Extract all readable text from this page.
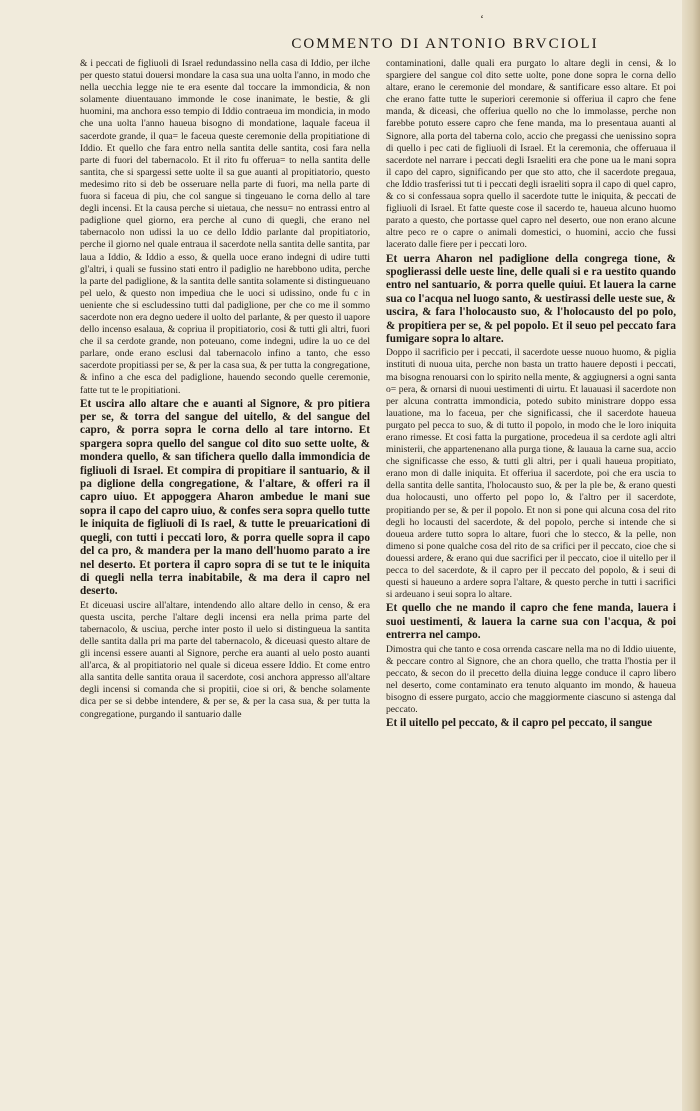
ʻ
COMMENTO DI ANTONIO BRVCIOLI

& i peccati de figliuoli di Israel redundassino nella casa di Iddio, per ilche per questo statui douersi mondare la casa sua una uolta l'anno, in modo che nella uecchia legge nie te era esente dal toccare la immondicia, & non solamente diuentauano immonde le cose inanimate, le bestie, & gli huomini, ma anchora esso tempio di Iddio contraeua im mondicia, in modo che una uolta l'anno haueua bisogno di mondatione, laquale faceua il sacerdote grande, il qua= le faceua queste ceremonie della propitiatione di Iddio. Et quello che fara entro nella santita delle santita, cosi fara nella parte di fuori del tabernacolo. Et il rito fu offerua= to nella santita delle santita, che si spargessi sette uolte il sa gue auanti al propitiatorio, questo medesimo rito si deb be osseruare nella parte di fuori, ma nella parte di fuora si faceua di piu, che col sangue si tingeuano le corna dello al tare degli incensi. Et la causa perche si uietaua, che nessu= no entrassi entro al padiglione quel giorno, era perche al cuno di quegli, che erano nel tabernacolo non udissi la uo ce dello Iddio parlante dal propitiatorio, perche il giorno nel quale entraua il sacerdote nella santita delle santita, par laua a Iddio, & Iddio a esso, & quella uoce erano indegni di udire tutti gl'altri, i quali se fussino stati entro il padiglio ne harebbono udita, perche la parte del padiglione, & la santita delle santita solamente si distingueuano pel uelo, & questo non impediua che le uoci si udissino, onde fu c in ueniente che si escludessino tutti dal padiglione, per che co me il sommo sacerdote non era degno uedere il uolto del parlante, & per questo il uapore dello incenso esalaua, & copriua il propitiatorio, cosi & tutti gli altri, fuori che il sa cerdote grande, non poteuano, come indegni, udire la uo ce del parlare, onde erano esclusi dal tabernacolo infino a tanto, che esso sacerdote propitiassi per se, & per la casa sua, & per tutta la congregatione, & infino a che esca del padiglione, hauendo secondo quelle ceremonie, fatte tut te le propitiationi.

Et uscira allo altare che e auanti al Signore, & pro pitiera per se, & torra del sangue del uitello, & del sangue del capro, & porra sopra le corna dello al tare intorno. Et spargera sopra quello del sangue col dito suo sette uolte, & mondera quello, & san tifichera quello dalla immondicia de figliuoli di Israel. Et compira di propitiare il santuario, & il pa diglione della congregatione, & l'altare, & offeri ra il capro uiuo. Et appoggera Aharon ambedue le mani sue sopra il capo del capro uiuo, & confes sera sopra quello tutte le iniquita de figliuoli di Is rael, & tutte le preuaricationi di quegli, con tutti i peccati loro, & porra quelle sopra il capo del ca pro, & mandera per la mano dell'huomo parato a ire nel deserto. Et portera il capro sopra di se tut te le iniquita di quegli nella terra inabitabile, & ma dera il capro nel deserto.

Et diceuasi uscire all'altare, intendendo allo altare dello in censo, & era questa uscita, perche l'altare degli incensi era nella prima parte del tabernacolo, & usciua, perche inter posto il uelo si distingueua la santita delle santita dalla pri ma parte del tabernacolo, & diceuasi questo altare de gli incensi essere auanti al Signore, perche era auanti al uelo posto auanti all'arca, & al propitiatorio nel quale si diceua essere Iddio. Et come entro alla santita delle santita oraua il sacerdote, cosi anchora appresso all'altare degli incensi si comanda che si propitii, cioe si ori, & benche solamente dica per se si debbe intendere, & per se, & per la casa sua, & per tutta la congregatione, purgando il santuario dalle

contaminationi, dalle quali era purgato lo altare degli in censi, & lo spargiere del sangue col dito sette uolte, pone done sopra le corna dello altare, erano le ceremonie del mondare, & santificare esso altare. Et poi che erano fatte tutte le superiori ceremonie si offeriua il capro che fene manda, & diceasi, che offeriua quello no che lo immolasse, perche non farebbe potuto essere capro che fene manda, ma lo presentaua auanti al Signore, alla porta del taberna colo, accio che pregassi che uenissino sopra di quello i pec cati de figliuoli di Israel. Et la ceremonia, che offeruaua il sacerdote nel narrare i peccati degli Israeliti era che pone ua le mani sopra il capo del capro, significando per que sto atto, che il sacerdote pregaua, che Iddio trasferissi tut ti i peccati degli israeliti sopra il capo di quel capro, & co si confessaua sopra quello il sacerdote tutte le iniquita, & peccati de figliuoli di Israel. Et fatte queste cose il sacerdo te, haueua alcuno huomo parato a questo, che portasse quel capro nel deserto, oue non erano alcune altre peco re o capre o animali domestici, o huomini, accio che fussi lacerato dalle fiere per i peccati loro.

Et uerra Aharon nel padiglione della congrega tione, & spoglierassi delle ueste line, delle quali si e ra uestito quando entro nel santuario, & porra quelle quiui. Et lauera la carne sua co l'acqua nel luogo santo, & uestirassi delle ueste sue, & uscira, & fara l'holocausto suo, & l'holocausto del po polo, & propitiera per se, & pel popolo. Et il seuo pel peccato fara fumigare sopra lo altare.

Doppo il sacrificio per i peccati, il sacerdote uesse nuouo huomo, & piglia instituti di nuoua uita, perche non basta un tratto hauere deposti i peccati, ma bisogna renouarsi con lo spirito nella mente, & aggiugnersi a ogni santa o= pera, & ornarsi di nuoui uestimenti di uirtu. Et lauauasi il sacerdote non per alcuna contratta immondicia, potedo subito ministrare doppo essa lauatione, ma lo faceua, per che significassi, che il sacerdote haueua purgato pel pecca to suo, & di tutto il popolo, in modo che le loro iniquita erano rimesse. Et cosi fatta la purgatione, procedeua il sa cerdote agli altri ministerii, che appartenenano alla purga tione, & lauaua la carne sua, accio che significasse che esso, & tutti gli altri, per i quali haueua propitiato, erano mon di dalle iniquita. Et offeriua il sacerdote, poi che era uscia to della santita delle santita, l'holocausto suo, & per la ple be, & erano questi dua holocausti, uno offerto pel popo lo, & l'altro per il sacerdote, propitiando per se, & per il popolo. Et non si pone qui alcuna cosa del rito degli ho locausti del sacerdote, & del popolo, perche si intende che si doueua ardere tutto sopra lo altare, fuori che lo stecco, & la pelle, non dimeno si pone qualche cosa del rito de sa crifici per il peccato, cioe che si douessi ardere, & erano qui due sacrifici per il peccato, cioe il uitello per il pecca to del sacerdote, & il capro per il peccato del popolo, & i seui di questi si haueuno a ardere sopra l'altare, & questo perche in tutti i sacrifici si ardeuano i seui sopra lo altare.

Et quello che ne mando il capro che fene manda, lauera i suoi uestimenti, & lauera la carne sua con l'acqua, & poi entrerra nel campo.

Dimostra qui che tanto e cosa orrenda cascare nella ma no di Iddio uiuente, & peccare contro al Signore, che an chora quello, che tratta l'hostia per il peccato, & secon do il precetto della diuina legge conduce il capro libero nel deserto, come contaminato era tenuto alquanto im mondo, & haueua bisogno di essere purgato, accio che maggiormente ciascuno si astenga dal peccato.

Et il uitello pel peccato, & il capro pel peccato, il sangue
